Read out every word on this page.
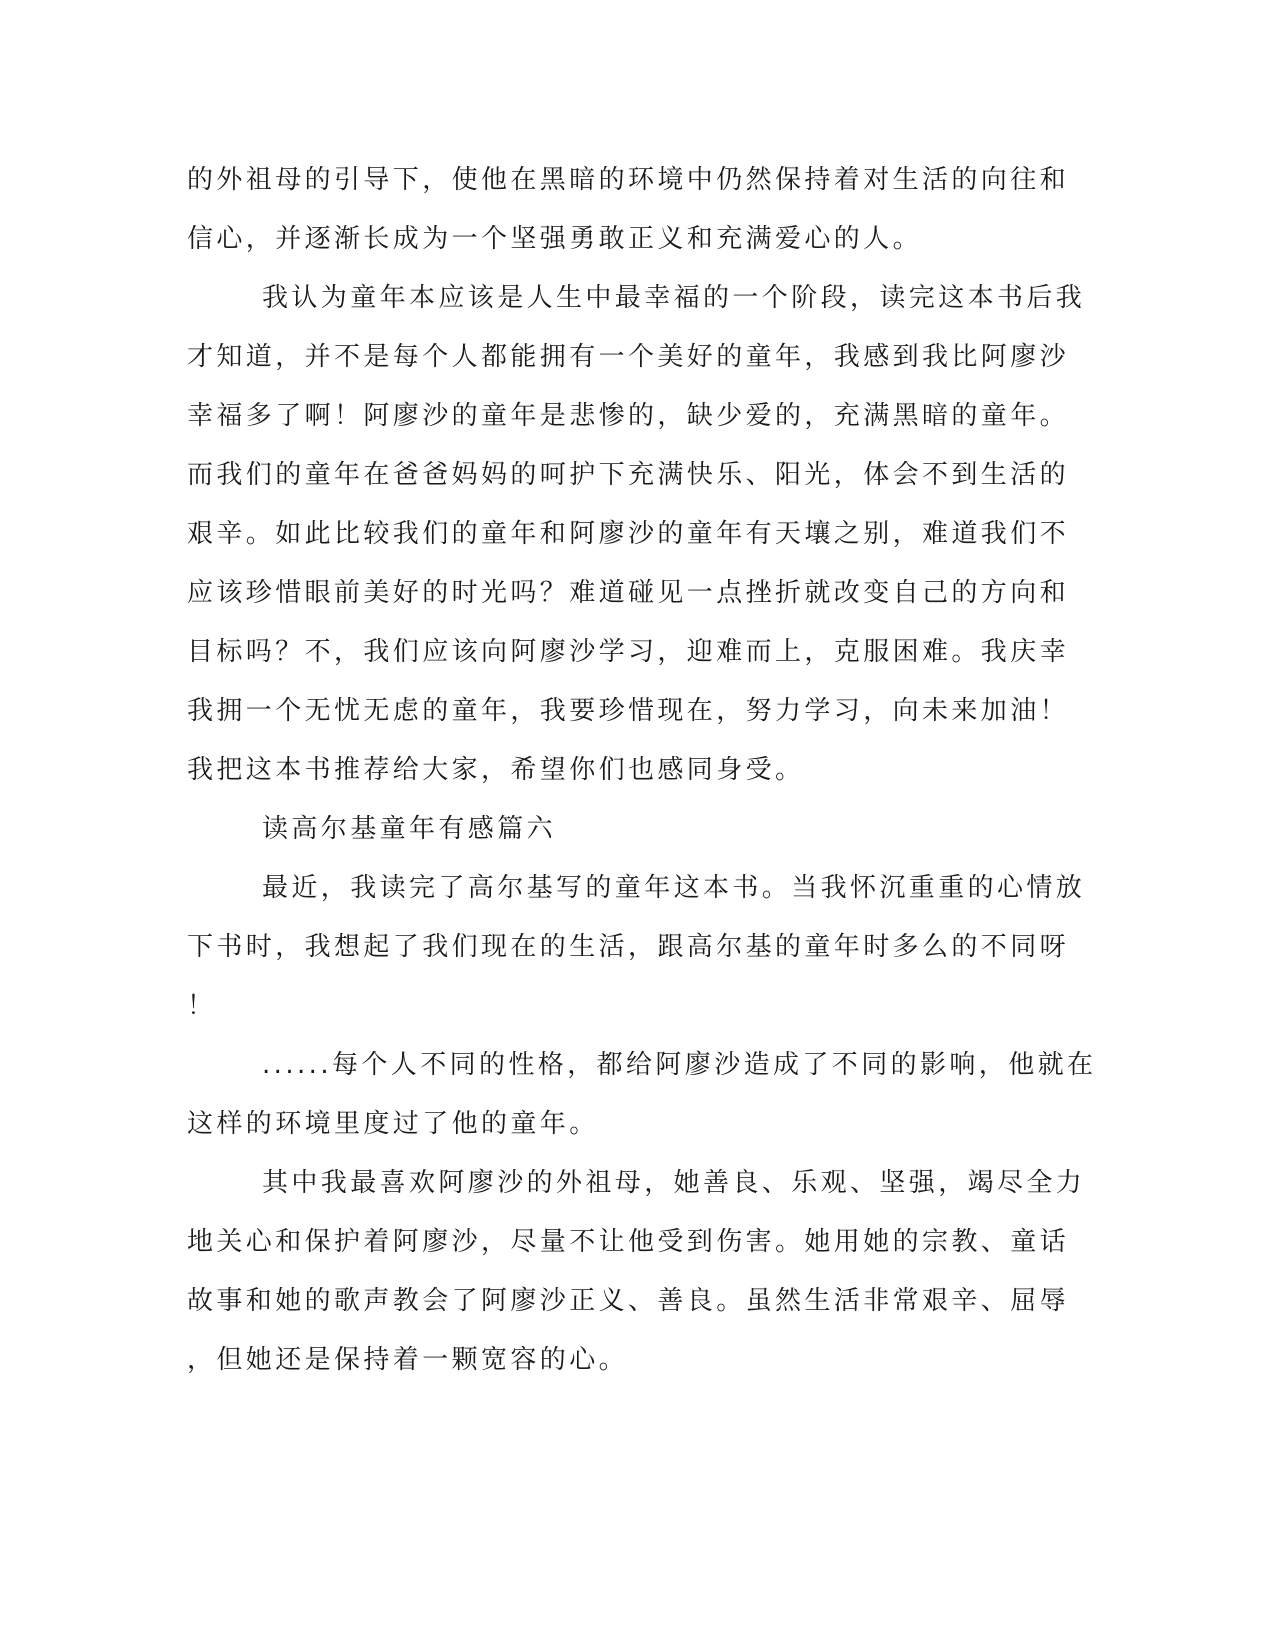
的外祖母的引导下，使他在黑暗的环境中仍然保持着对生活的向往和

信心，并逐渐长成为一个坚强勇敢正义和充满爱心的人。

我认为童年本应该是人生中最幸福的一个阶段，读完这本书后我

才知道，并不是每个人都能拥有一个美好的童年，我感到我比阿廖沙

幸福多了啊！阿廖沙的童年是悲惨的，缺少爱的，充满黑暗的童年。

而我们的童年在爸爸妈妈的呵护下充满快乐、阳光，体会不到生活的

艰辛。如此比较我们的童年和阿廖沙的童年有天壤之别，难道我们不

应该珍惜眼前美好的时光吗？难道碰见一点挫折就改变自己的方向和

目标吗？不，我们应该向阿廖沙学习，迎难而上，克服困难。我庆幸

我拥一个无忧无虑的童年，我要珍惜现在，努力学习，向未来加油！

我把这本书推荐给大家，希望你们也感同身受。

读高尔基童年有感篇六

最近，我读完了高尔基写的童年这本书。当我怀沉重重的心情放

下书时，我想起了我们现在的生活，跟高尔基的童年时多么的不同呀

！

......每个人不同的性格，都给阿廖沙造成了不同的影响，他就在

这样的环境里度过了他的童年。

其中我最喜欢阿廖沙的外祖母，她善良、乐观、坚强，竭尽全力

地关心和保护着阿廖沙，尽量不让他受到伤害。她用她的宗教、童话

故事和她的歌声教会了阿廖沙正义、善良。虽然生活非常艰辛、屈辱

，但她还是保持着一颗宽容的心。
